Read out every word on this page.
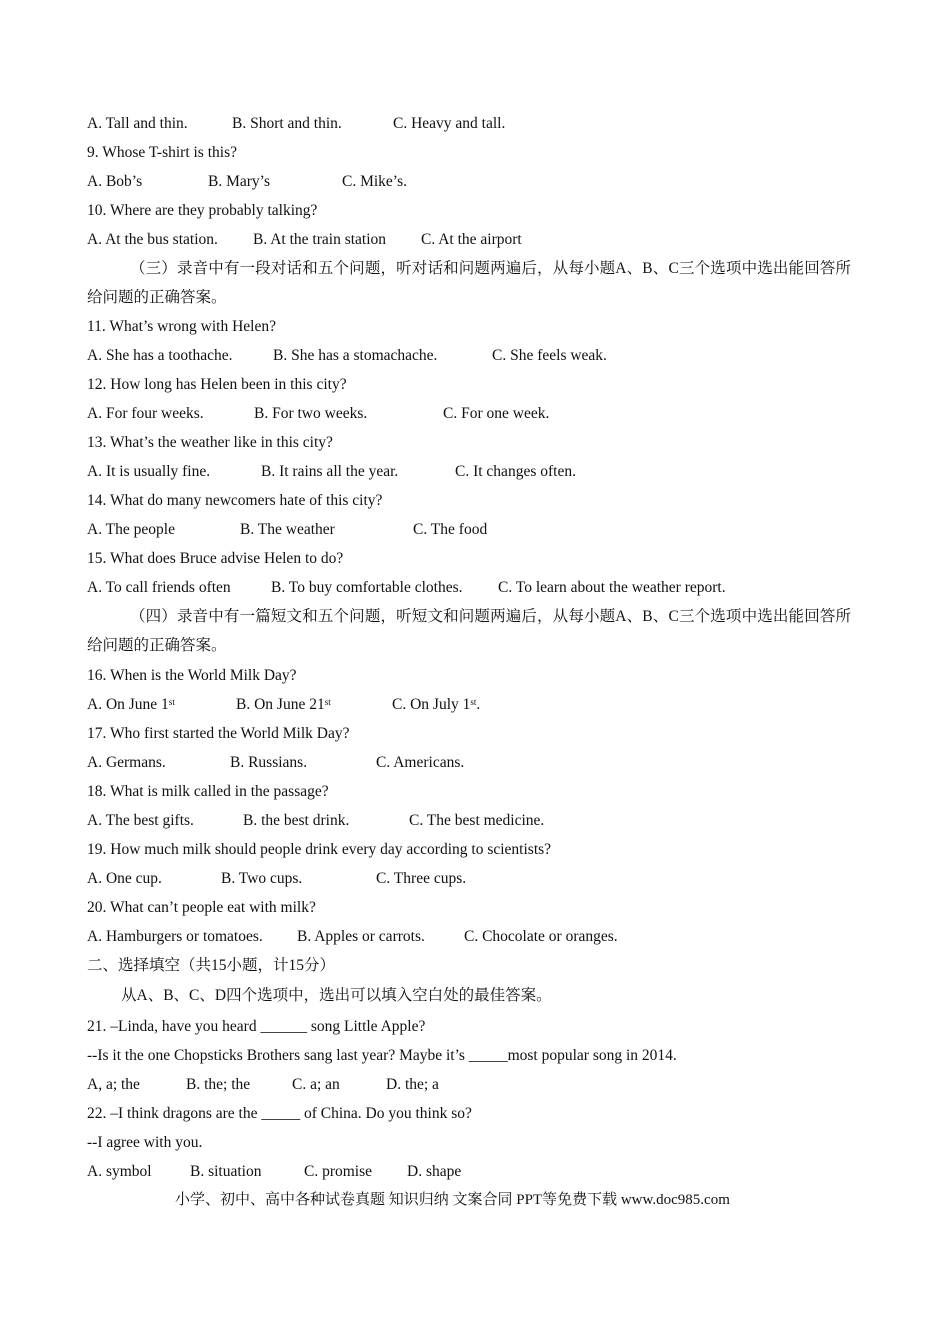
A. Tall and thin.	B. Short and thin.	C. Heavy and tall.
9. Whose T-shirt is this?
A. Bob’s	B. Mary’s	C. Mike’s.
10. Where are they probably talking?
A. At the bus station. B. At the train station C. At the airport
（三）录音中有一段对话和五个问题，听对话和问题两遍后，从每小题A、B、C三个选项中选出能回答所给问题的正确答案。
11. What’s wrong with Helen?
A. She has a toothache.	B. She has a stomachache.	C. She feels weak.
12. How long has Helen been in this city?
A. For four weeks.	B. For two weeks.	C. For one week.
13. What’s the weather like in this city?
A. It is usually fine.	B. It rains all the year.	C. It changes often.
14. What do many newcomers hate of this city?
A. The people	B. The weather	C. The food
15. What does Bruce advise Helen to do?
A. To call friends often	B. To buy comfortable clothes. C. To learn about the weather report.
（四）录音中有一篇短文和五个问题，听短文和问题两遍后，从每小题A、B、C三个选项中选出能回答所给问题的正确答案。
16. When is the World Milk Day?
A. On June 1st	B. On June 21st	C. On July 1st.
17. Who first started the World Milk Day?
A. Germans.	B. Russians.	C. Americans.
18. What is milk called in the passage?
A. The best gifts.	B. the best drink.	C. The best medicine.
19. How much milk should people drink every day according to scientists?
A. One cup.	B. Two cups.	C. Three cups.
20. What can’t people eat with milk?
A. Hamburgers or tomatoes. B. Apples or carrots.	C. Chocolate or oranges.
二、选择填空（共15小题，计15分）
从A、B、C、D四个选项中，选出可以填入空白处的最佳答案。
21. –Linda, have you heard ______ song Little Apple?
--Is it the one Chopsticks Brothers sang last year? Maybe it’s _____most popular song in 2014.
A, a; the	B. the; the	C. a; an	D. the; a
22. –I think dragons are the _____ of China. Do you think so?
--I agree with you.
A. symbol B. situation	C. promise D. shape
小学、初中、高中各种试卷真题 知识归纳 文案合同 PPT等免费下载 www.doc985.com
